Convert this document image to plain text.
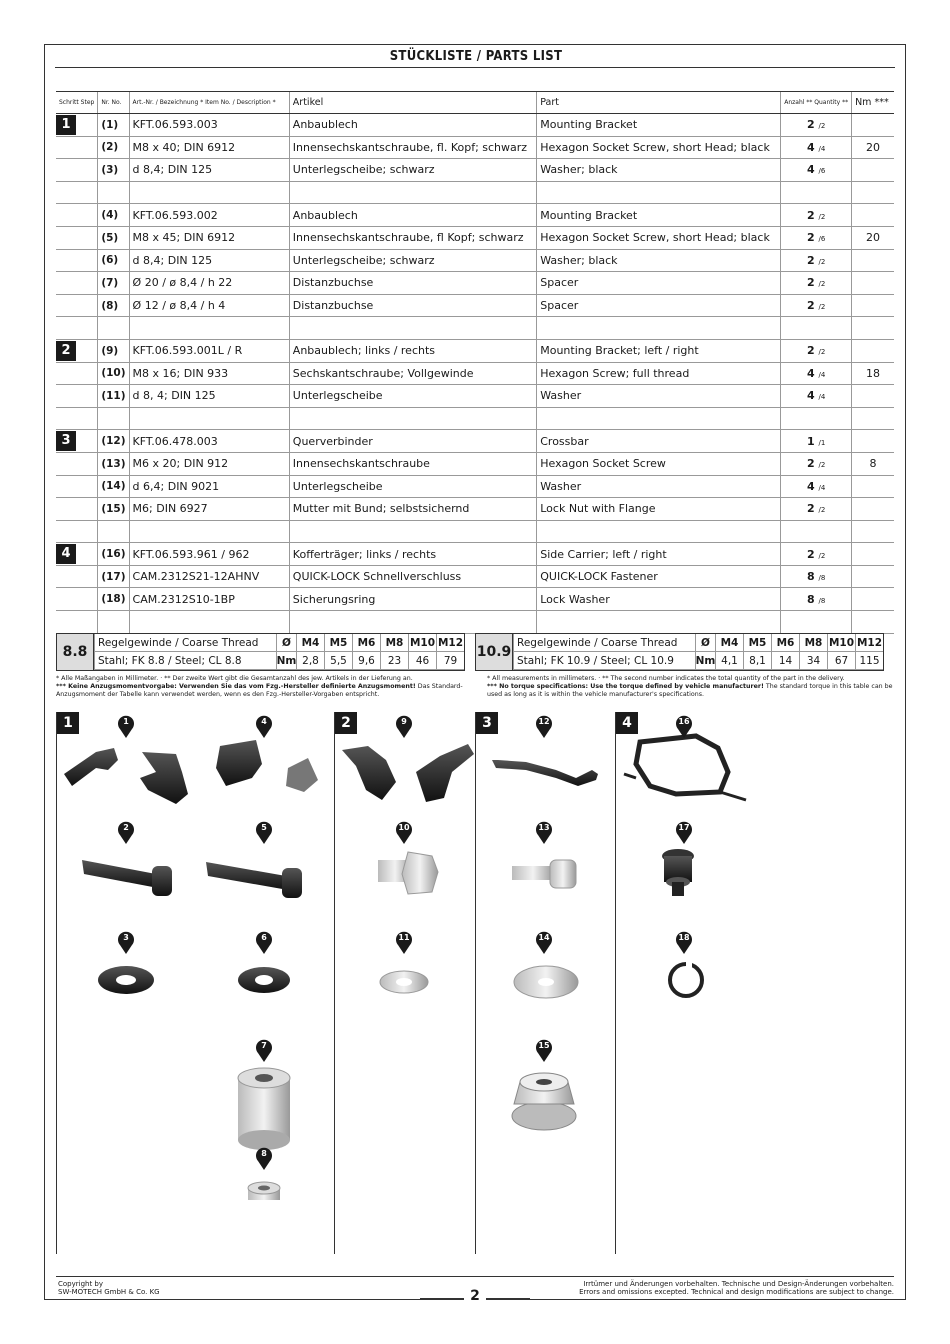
STÜCKLISTE / PARTS LIST
Schritt Step	Nr. No.	Art.-Nr. / Bezeichnung * Item No. / Description *	Artikel	Part	Anzahl ** Quantity **	Nm ***
1	(1)	KFT.06.593.003	Anbaublech	Mounting Bracket	2 /2	
	(2)	M8 x 40; DIN 6912	Innensechskantschraube, fl. Kopf; schwarz	Hexagon Socket Screw, short Head; black	4 /4	20
	(3)	d 8,4; DIN 125	Unterlegscheibe; schwarz	Washer; black	4 /6	

	(4)	KFT.06.593.002	Anbaublech	Mounting Bracket	2 /2	
	(5)	M8 x 45; DIN 6912	Innensechskantschraube, fl Kopf; schwarz	Hexagon Socket Screw, short Head; black	2 /6	20
	(6)	d 8,4; DIN 125	Unterlegscheibe; schwarz	Washer; black	2 /2	
	(7)	Ø 20 / ø 8,4 / h 22	Distanzbuchse	Spacer	2 /2	
	(8)	Ø 12 / ø 8,4 / h 4	Distanzbuchse	Spacer	2 /2	

2	(9)	KFT.06.593.001L / R	Anbaublech; links / rechts	Mounting Bracket; left / right	2 /2	
	(10)	M8 x 16; DIN 933	Sechskantschraube; Vollgewinde	Hexagon Screw; full thread	4 /4	18
	(11)	d 8, 4; DIN 125	Unterlegscheibe	Washer	4 /4	

3	(12)	KFT.06.478.003	Querverbinder	Crossbar	1 /1	
	(13)	M6 x 20; DIN 912	Innensechskantschraube	Hexagon Socket Screw	2 /2	8
	(14)	d 6,4; DIN 9021	Unterlegscheibe	Washer	4 /4	
	(15)	M6; DIN 6927	Mutter mit Bund; selbstsichernd	Lock Nut with Flange	2 /2	

4	(16)	KFT.06.593.961 / 962	Kofferträger; links / rechts	Side Carrier; left / right	2 /2	
	(17)	CAM.2312S21-12AHNV	QUICK-LOCK Schnellverschluss	QUICK-LOCK Fastener	8 /8	
	(18)	CAM.2312S10-1BP	Sicherungsring	Lock Washer	8 /8	

8.8
Regelgewinde / Coarse Thread	Ø	M4 M5 M6 M8 M10 M12
Stahl; FK 8.8 / Steel; CL 8.8	Nm 2,8	5,5	9,6	23	46	79
10.9
Regelgewinde / Coarse Thread	Ø	M4 M5 M6 M8 M10 M12
Stahl; FK 10.9 / Steel; CL 10.9	Nm 4,1	8,1	14	34	67	115
* Alle Maßangaben in Millimeter. · ** Der zweite Wert gibt die Gesamtanzahl des jew. Artikels in der Lieferung an.
*** Keine Anzugsmomentvorgabe: Verwenden Sie das vom Fzg.-Hersteller definierte Anzugsmoment! Das Standard-Anzugsmoment der Tabelle kann verwendet werden, wenn es den Fzg.-Hersteller-Vorgaben entspricht.
* All measurements in millimeters. · ** The second number indicates the total quantity of the part in the delivery.
*** No torque specifications: Use the torque defined by vehicle manufacturer! The standard torque in this table can be used as long as it is within the vehicle manufacturer's specifications.
1	2	3	4
1	4
2	5
3	6
7
8
9
10
11
12
13
14
15
16
17
18
Copyright by
SW-MOTECH GmbH & Co. KG
Irrtümer und Änderungen vorbehalten. Technische und Design-Änderungen vorbehalten.
Errors and omissions excepted. Technical and design modifications are subject to change.
2
